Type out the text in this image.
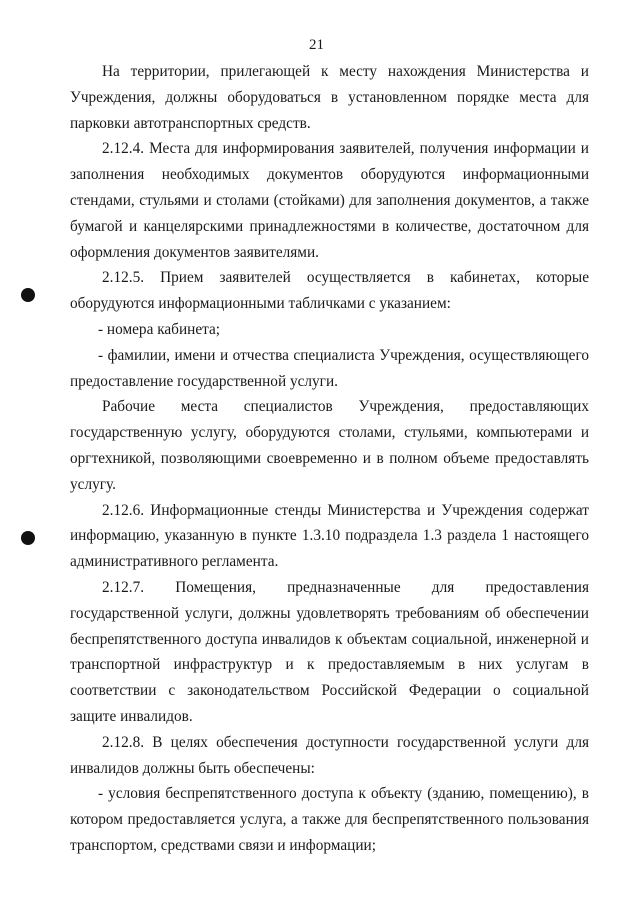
21

На территории, прилегающей к месту нахождения Министерства и Учреждения, должны оборудоваться в установленном порядке места для парковки автотранспортных средств.

2.12.4. Места для информирования заявителей, получения информации и заполнения необходимых документов оборудуются информационными стендами, стульями и столами (стойками) для заполнения документов, а также бумагой и канцелярскими принадлежностями в количестве, достаточном для оформления документов заявителями.

2.12.5. Прием заявителей осуществляется в кабинетах, которые оборудуются информационными табличками с указанием:

- номера кабинета;

- фамилии, имени и отчества специалиста Учреждения, осуществляющего предоставление государственной услуги.

Рабочие места специалистов Учреждения, предоставляющих государственную услугу, оборудуются столами, стульями, компьютерами и оргтехникой, позволяющими своевременно и в полном объеме предоставлять услугу.

2.12.6. Информационные стенды Министерства и Учреждения содержат информацию, указанную в пункте 1.3.10 подраздела 1.3 раздела 1 настоящего административного регламента.

2.12.7. Помещения, предназначенные для предоставления государственной услуги, должны удовлетворять требованиям об обеспечении беспрепятственного доступа инвалидов к объектам социальной, инженерной и транспортной инфраструктур и к предоставляемым в них услугам в соответствии с законодательством Российской Федерации о социальной защите инвалидов.

2.12.8. В целях обеспечения доступности государственной услуги для инвалидов должны быть обеспечены:

- условия беспрепятственного доступа к объекту (зданию, помещению), в котором предоставляется услуга, а также для беспрепятственного пользования транспортом, средствами связи и информации;
